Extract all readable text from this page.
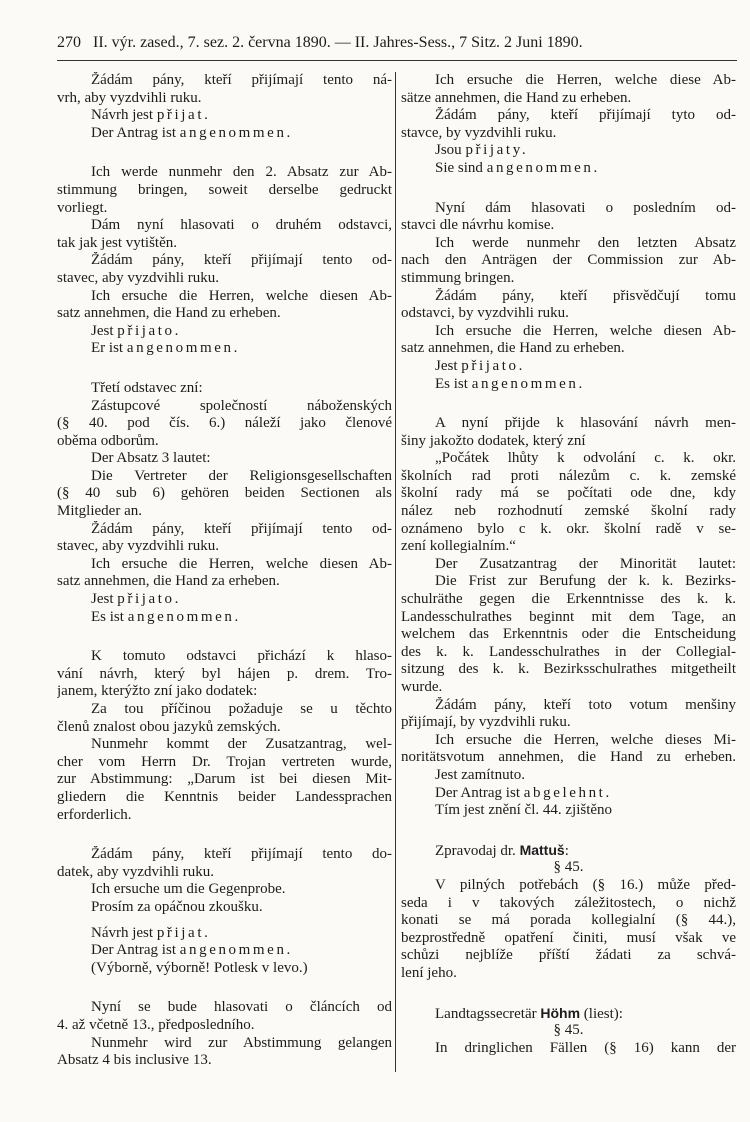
270 II. výr. zased., 7. sez. 2. června 1890. — II. Jahres-Sess., 7 Sitz. 2 Juni 1890.
Žádám pány, kteří přijímají tento ná-
vrh, aby vyzdvihli ruku.
Návrh jest přijat.
Der Antrag ist angenommen.
Ich werde nunmehr den 2. Absatz zur Ab-
stimmung bringen, soweit derselbe gedruckt
vorliegt.
Dám nyní hlasovati o druhém odstavci,
tak jak jest vytištěn.
Žádám pány, kteří přijímají tento od-
stavec, aby vyzdvihli ruku.
Ich ersuche die Herren, welche diesen Ab-
satz annehmen, die Hand zu erheben.
Jest přijato.
Er ist angenommen.
Třetí odstavec zní:
Zástupcové společností náboženských
(§ 40. pod čís. 6.) náleží jako členové
oběma odborům.
Der Absatz 3 lautet:
Die Vertreter der Religionsgesellschaften
(§ 40 sub 6) gehören beiden Sectionen als
Mitglieder an.
Žádám pány, kteří přijímají tento od-
stavec, aby vyzdvihli ruku.
Ich ersuche die Herren, welche diesen Ab-
satz annehmen, die Hand za erheben.
Jest přijato.
Es ist angenommen.
K tomuto odstavci přichází k hlaso-
vání návrh, který byl hájen p. drem. Tro-
janem, kterýžto zní jako dodatek:
Za tou příčinou požaduje se u těchto
členů znalost obou jazyků zemských.
Nunmehr kommt der Zusatzantrag, wel-
cher vom Herrn Dr. Trojan vertreten wurde,
zur Abstimmung: „Darum ist bei diesen Mit-
gliedern die Kenntnis beider Landessprachen
erforderlich.
Žádám pány, kteří přijímají tento do-
datek, aby vyzdvihli ruku.
Ich ersuche um die Gegenprobe.
Prosím za opáčnou zkoušku.
Návrh jest přijat.
Der Antrag ist angenommen.
(Výborně, výborně! Potlesk v levo.)
Nyní se bude hlasovati o článcích od
4. až včetně 13., předposledního.
Nunmehr wird zur Abstimmung gelangen
Absatz 4 bis inclusive 13.
Ich ersuche die Herren, welche diese Ab-
sätze annehmen, die Hand zu erheben.
Žádám pány, kteří přijímají tyto od-
stavce, by vyzdvihli ruku.
Jsou přijaty.
Sie sind angenommen.
Nyní dám hlasovati o posledním od-
stavci dle návrhu komise.
Ich werde nunmehr den letzten Absatz
nach den Anträgen der Commission zur Ab-
stimmung bringen.
Žádám pány, kteří přisvědčují tomu
odstavci, by vyzdvihli ruku.
Ich ersuche die Herren, welche diesen Ab-
satz annehmen, die Hand zu erheben.
Jest přijato.
Es ist angenommen.
A nyní přijde k hlasování návrh men-
šiny jakožto dodatek, který zní
„Počátek lhůty k odvolání c. k. okr.
školních rad proti nálezům c. k. zemské
školní rady má se počítati ode dne, kdy
nález neb rozhodnutí zemské školní rady
oznámeno bylo c k. okr. školní radě v se-
zení kollegialním.“
Der Zusatzantrag der Minorität lautet:
Die Frist zur Berufung der k. k. Bezirks-
schulräthe gegen die Erkenntnisse des k. k.
Landesschulrathes beginnt mit dem Tage, an
welchem das Erkenntnis oder die Entscheidung
des k. k. Landesschulrathes in der Collegial-
sitzung des k. k. Bezirksschulrathes mitgetheilt
wurde.
Žádám pány, kteří toto votum menšiny
přijímají, by vyzdvihli ruku.
Ich ersuche die Herren, welche dieses Mi-
noritätsvotum annehmen, die Hand zu erheben.
Jest zamítnuto.
Der Antrag ist abgelehnt.
Tím jest znění čl. 44. zjištěno
Zpravodaj dr. Mattuš:
§ 45.
V pilných potřebách (§ 16.) může před-
seda i v takových záležitostech, o nichž
konati se má porada kollegialní (§ 44.),
bezprostředně opatření činiti, musí však ve
schůzi nejblíže příští žádati za schvá-
lení jeho.
Landtagssecretär Höhm (liest):
§ 45.
In dringlichen Fällen (§ 16) kann der
